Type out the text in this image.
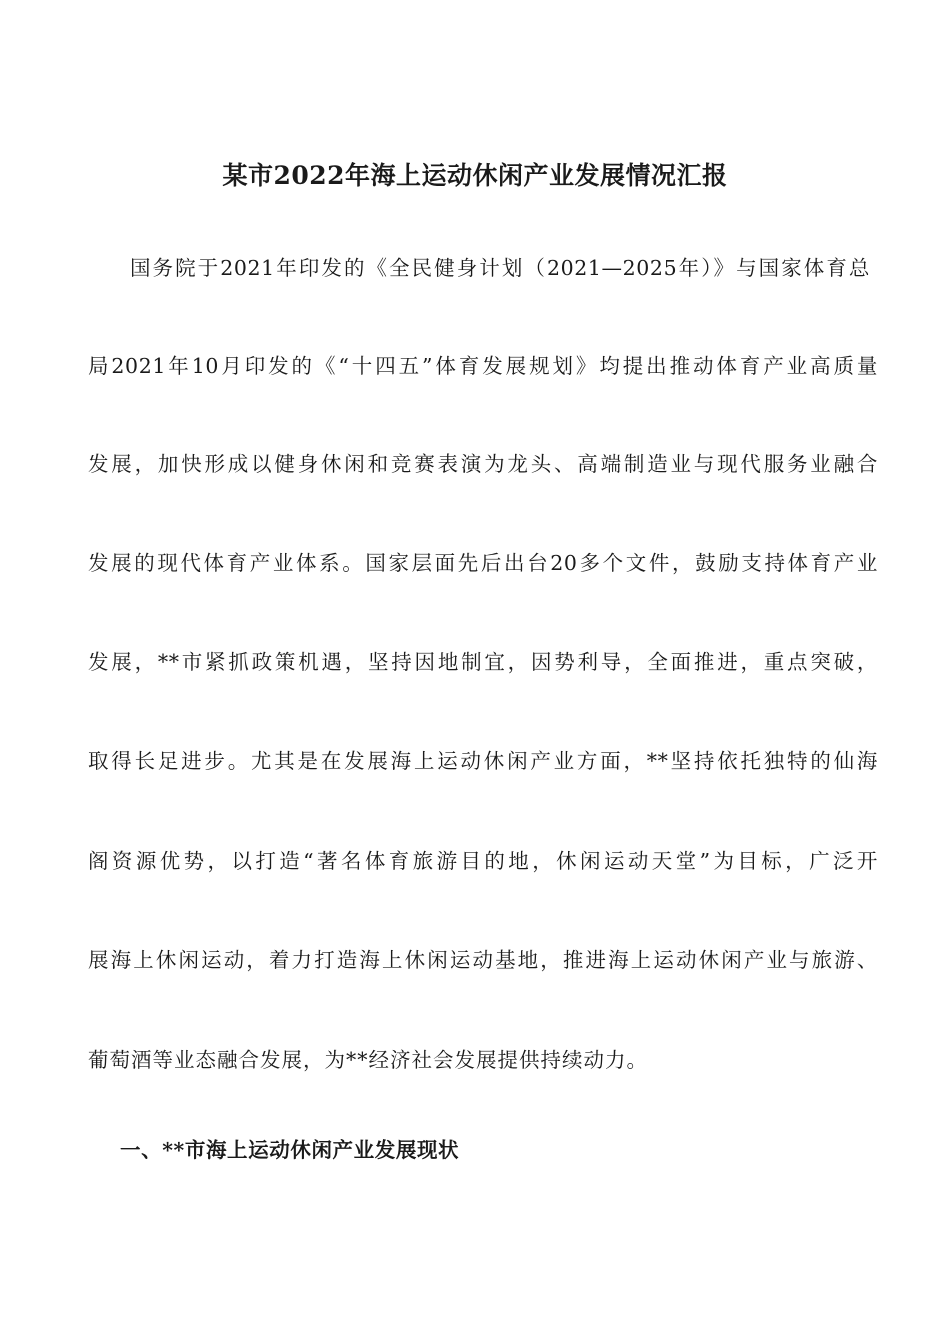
某市2022年海上运动休闲产业发展情况汇报

国务院于2021年印发的《全民健身计划（2021—2025年）》与国家体育总

局2021年10月印发的《“十四五”体育发展规划》均提出推动体育产业高质量

发展，加快形成以健身休闲和竞赛表演为龙头、高端制造业与现代服务业融合

发展的现代体育产业体系。国家层面先后出台20多个文件，鼓励支持体育产业

发展，**市紧抓政策机遇，坚持因地制宜，因势利导，全面推进，重点突破，

取得长足进步。尤其是在发展海上运动休闲产业方面，**坚持依托独特的仙海

阁资源优势，以打造“著名体育旅游目的地，休闲运动天堂”为目标，广泛开

展海上休闲运动，着力打造海上休闲运动基地，推进海上运动休闲产业与旅游、

葡萄酒等业态融合发展，为**经济社会发展提供持续动力。

一、**市海上运动休闲产业发展现状
